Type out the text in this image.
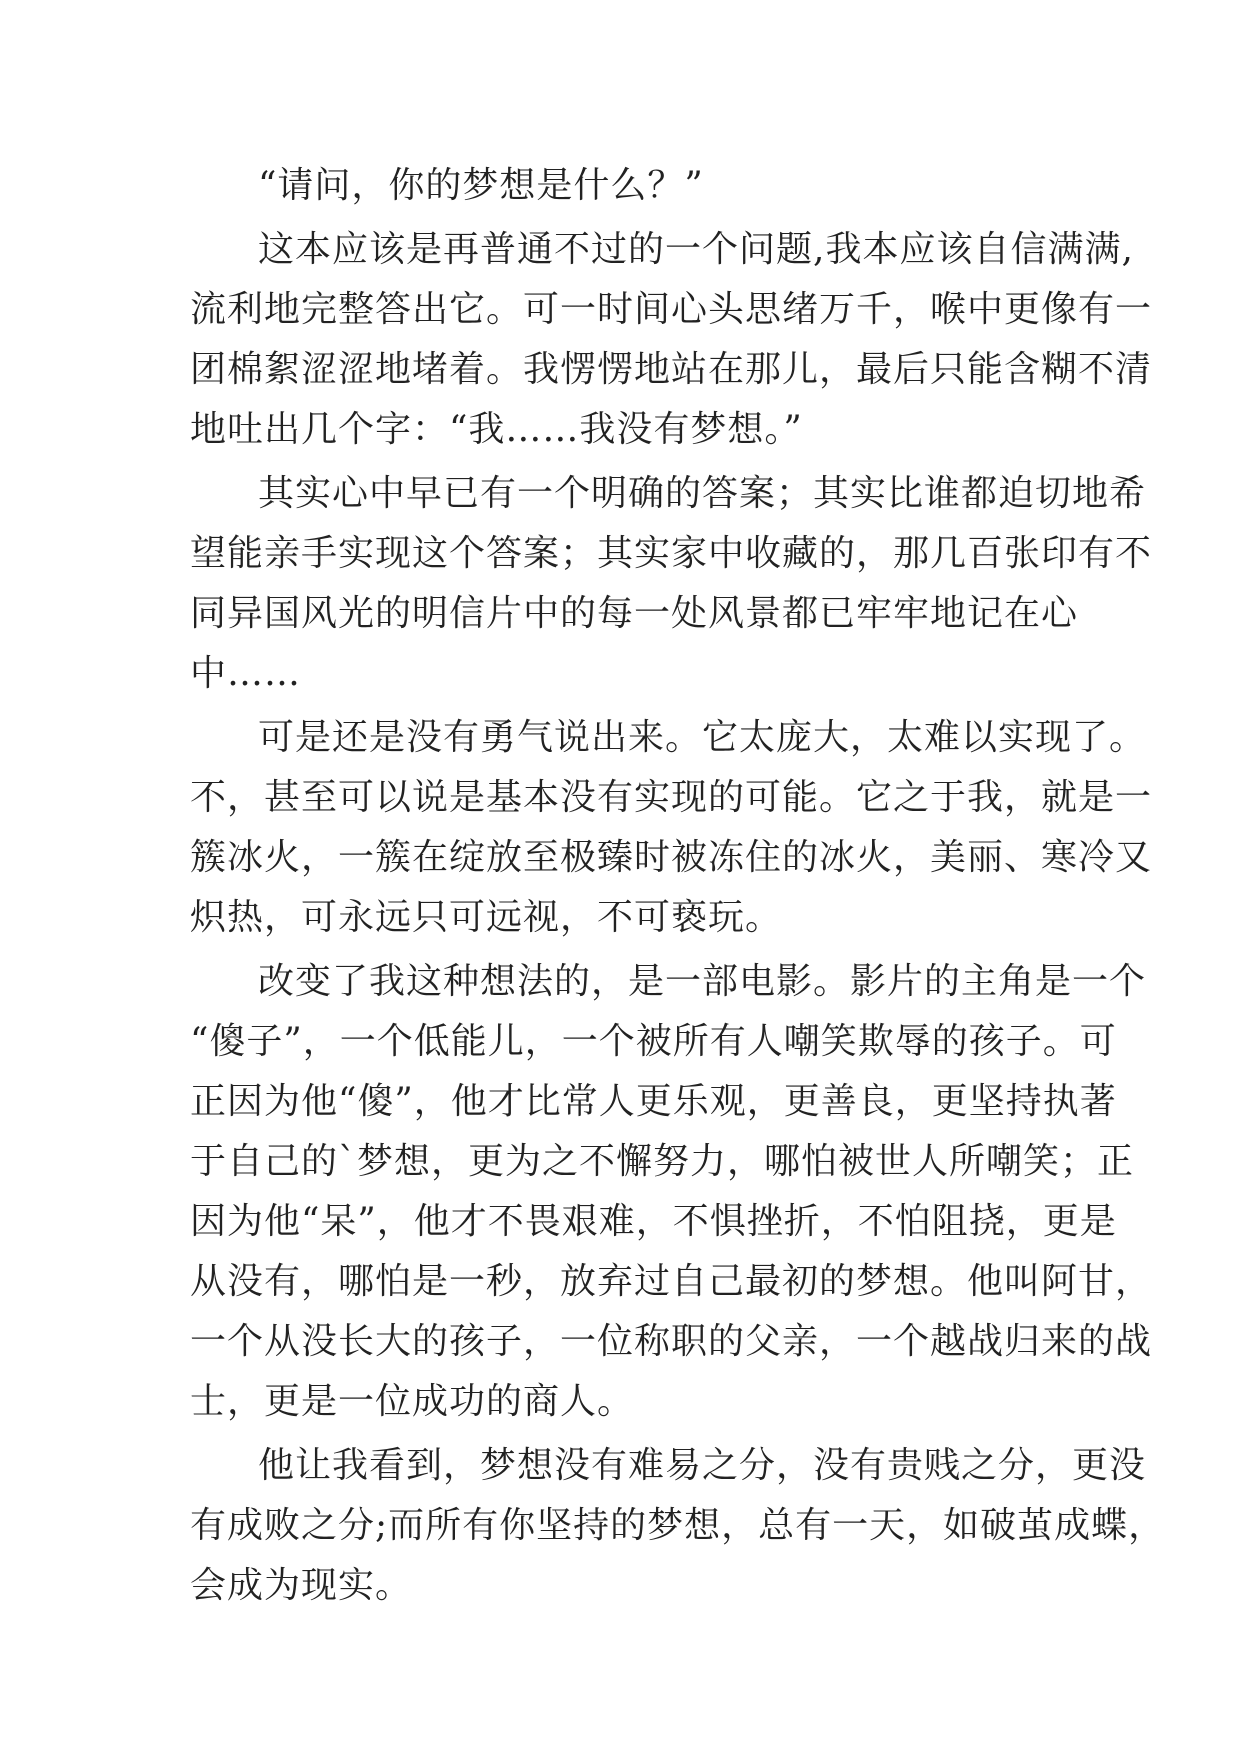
“请问，你的梦想是什么？”
这本应该是再普通不过的一个问题,我本应该自信满满,
流利地完整答出它。可一时间心头思绪万千，喉中更像有一
团棉絮涩涩地堵着。我愣愣地站在那儿，最后只能含糊不清
地吐出几个字：“我……我没有梦想。”
其实心中早已有一个明确的答案；其实比谁都迫切地希
望能亲手实现这个答案；其实家中收藏的，那几百张印有不
同异国风光的明信片中的每一处风景都已牢牢地记在心
中……
可是还是没有勇气说出来。它太庞大，太难以实现了。
不，甚至可以说是基本没有实现的可能。它之于我，就是一
簇冰火，一簇在绽放至极臻时被冻住的冰火，美丽、寒冷又
炽热，可永远只可远视，不可亵玩。
改变了我这种想法的，是一部电影。影片的主角是一个
“傻子”，一个低能儿，一个被所有人嘲笑欺辱的孩子。可
正因为他“傻”，他才比常人更乐观，更善良，更坚持执著
于自己的`梦想，更为之不懈努力，哪怕被世人所嘲笑；正
因为他“呆”，他才不畏艰难，不惧挫折，不怕阻挠，更是
从没有，哪怕是一秒，放弃过自己最初的梦想。他叫阿甘，
一个从没长大的孩子，一位称职的父亲，一个越战归来的战
士，更是一位成功的商人。
他让我看到，梦想没有难易之分，没有贵贱之分，更没
有成败之分;而所有你坚持的梦想，总有一天，如破茧成蝶，
会成为现实。
